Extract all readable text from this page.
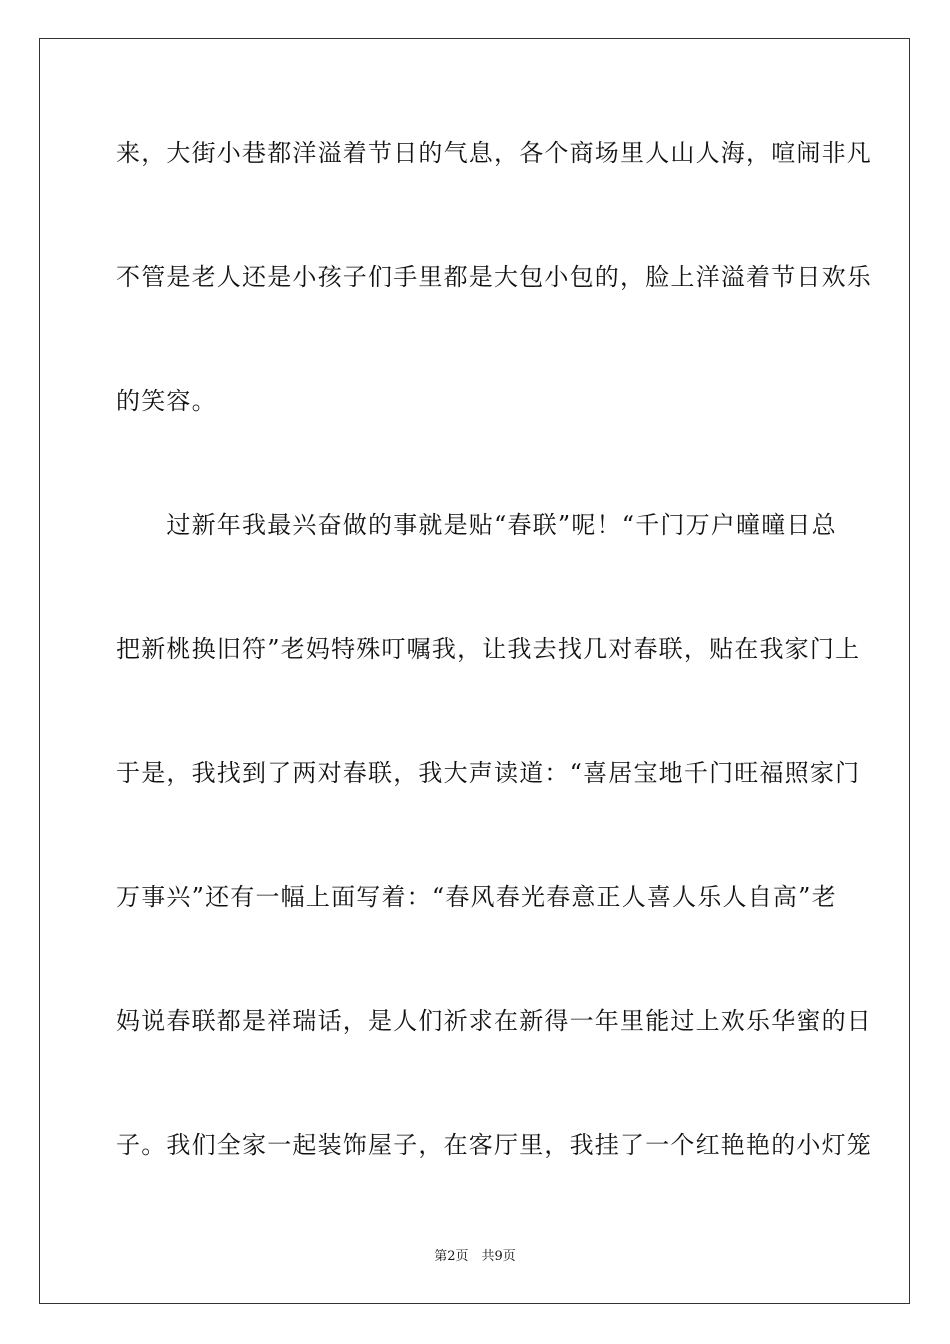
来，大街小巷都洋溢着节日的气息，各个商场里人山人海，喧闹非凡
不管是老人还是小孩子们手里都是大包小包的，脸上洋溢着节日欢乐
的笑容。
　　过新年我最兴奋做的事就是贴“春联”呢！“千门万户曈曈日总
把新桃换旧符”老妈特殊叮嘱我，让我去找几对春联，贴在我家门上
于是，我找到了两对春联，我大声读道：“喜居宝地千门旺福照家门
万事兴”还有一幅上面写着：“春风春光春意正人喜人乐人自高”老
妈说春联都是祥瑞话，是人们祈求在新得一年里能过上欢乐华蜜的日
子。我们全家一起装饰屋子，在客厅里，我挂了一个红艳艳的小灯笼
第2页　共9页
